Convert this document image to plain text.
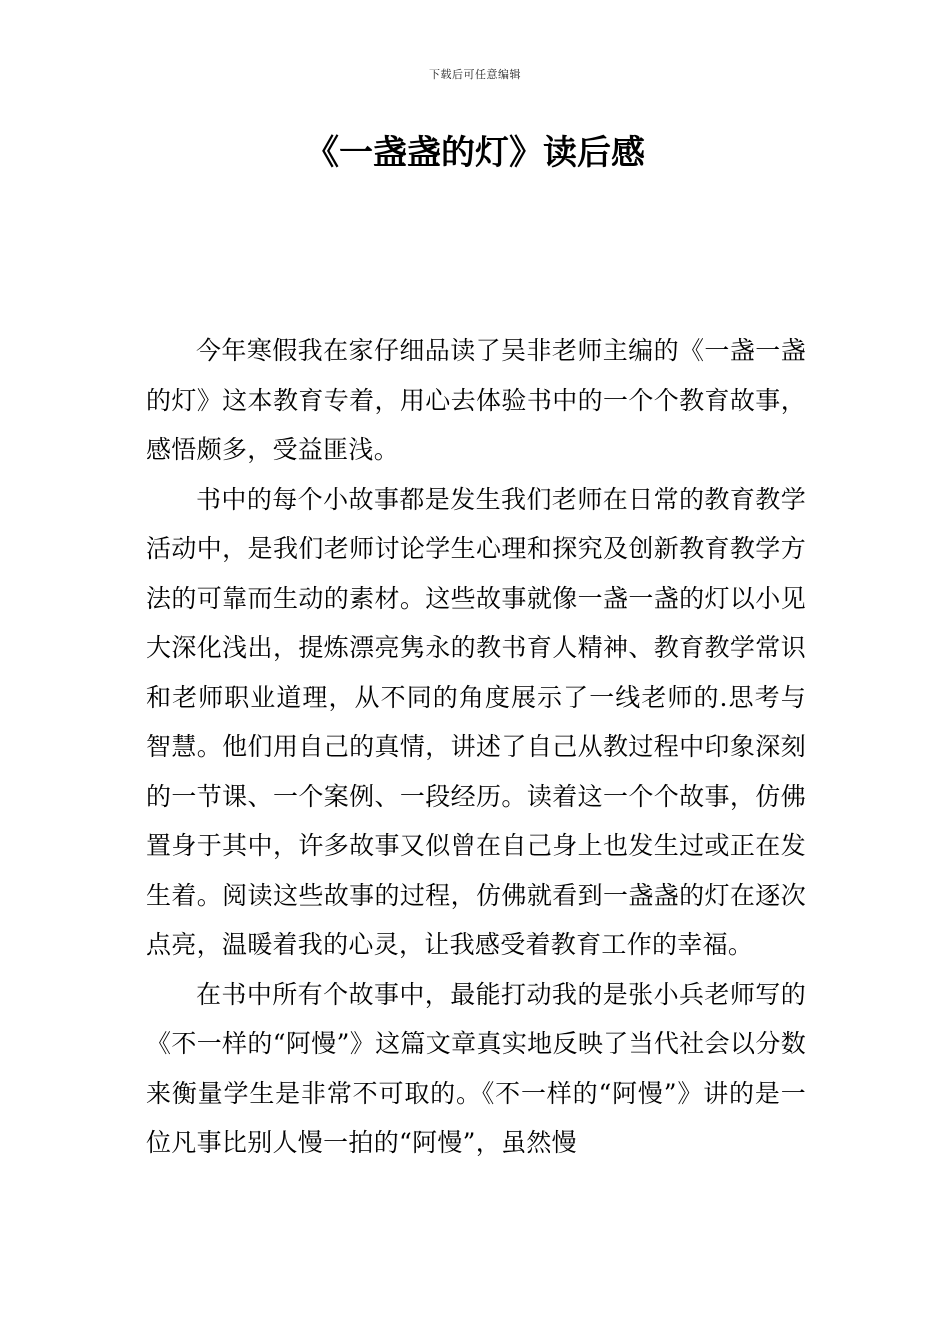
下载后可任意编辑
《一盏盏的灯》读后感

今年寒假我在家仔细品读了吴非老师主编的《一盏一盏的灯》这本教育专着，用心去体验书中的一个个教育故事，感悟颇多，受益匪浅。

书中的每个小故事都是发生我们老师在日常的教育教学活动中，是我们老师讨论学生心理和探究及创新教育教学方法的可靠而生动的素材。这些故事就像一盏一盏的灯以小见大深化浅出，提炼漂亮隽永的教书育人精神、教育教学常识和老师职业道理，从不同的角度展示了一线老师的.思考与智慧。他们用自己的真情，讲述了自己从教过程中印象深刻的一节课、一个案例、一段经历。读着这一个个故事，仿佛置身于其中，许多故事又似曾在自己身上也发生过或正在发生着。阅读这些故事的过程，仿佛就看到一盏盏的灯在逐次点亮，温暖着我的心灵，让我感受着教育工作的幸福。

在书中所有个故事中，最能打动我的是张小兵老师写的《不一样的“阿慢”》这篇文章真实地反映了当代社会以分数来衡量学生是非常不可取的。《不一样的“阿慢”》讲的是一位凡事比别人慢一拍的“阿慢”，虽然慢
